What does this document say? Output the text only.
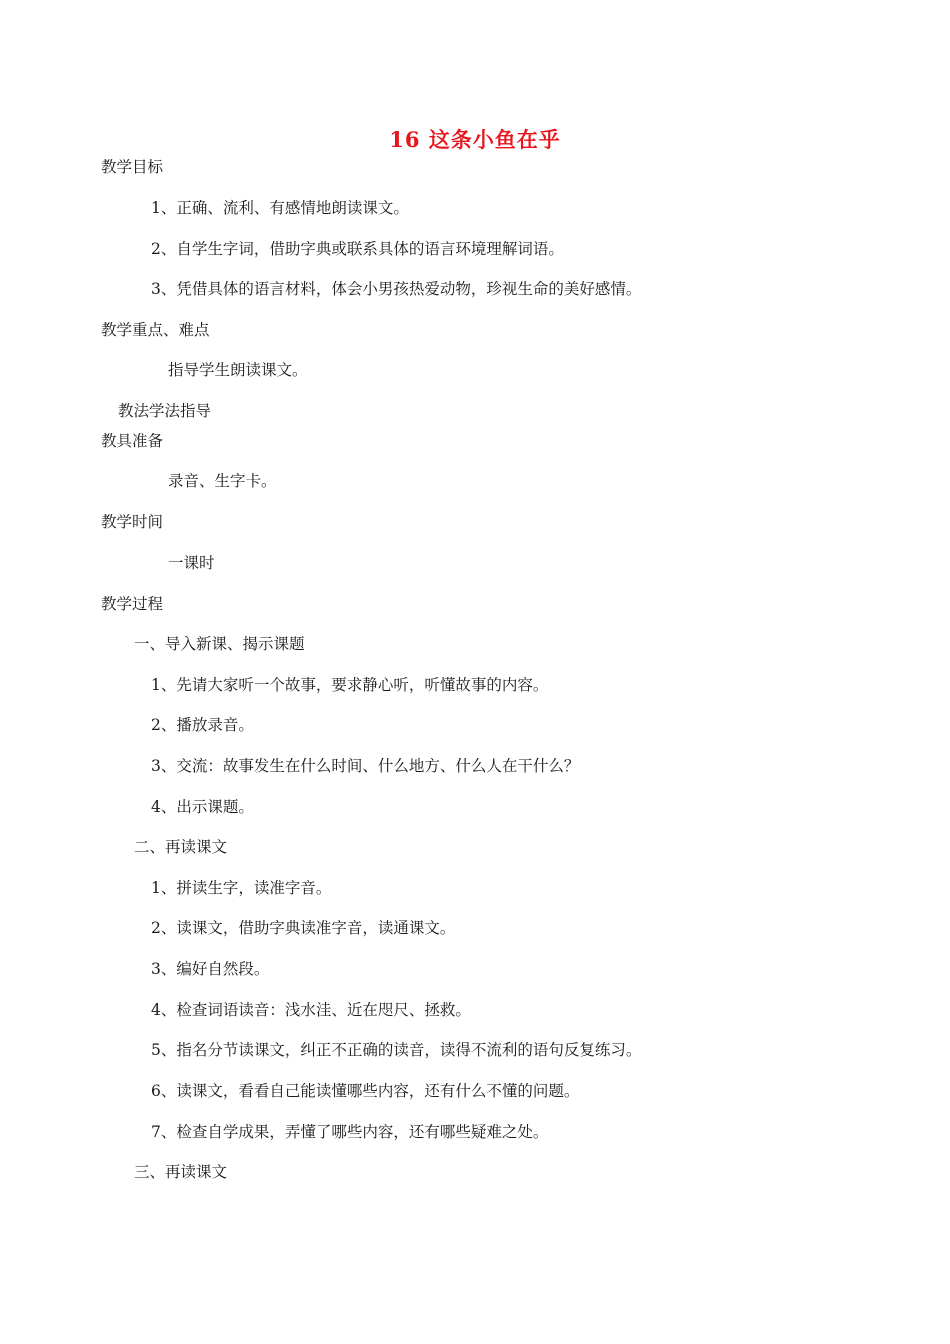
16 这条小鱼在乎
教学目标
1、正确、流利、有感情地朗读课文。
2、自学生字词，借助字典或联系具体的语言环境理解词语。
3、凭借具体的语言材料，体会小男孩热爱动物，珍视生命的美好感情。
教学重点、难点
指导学生朗读课文。
教法学法指导
教具准备
录音、生字卡。
教学时间
一课时
教学过程
一、导入新课、揭示课题
1、先请大家听一个故事，要求静心听，听懂故事的内容。
2、播放录音。
3、交流：故事发生在什么时间、什么地方、什么人在干什么？
4、出示课题。
二、再读课文
1、拼读生字，读准字音。
2、读课文，借助字典读准字音，读通课文。
3、编好自然段。
4、检查词语读音：浅水洼、近在咫尺、拯救。
5、指名分节读课文，纠正不正确的读音，读得不流利的语句反复练习。
6、读课文，看看自己能读懂哪些内容，还有什么不懂的问题。
7、检查自学成果，弄懂了哪些内容，还有哪些疑难之处。
三、再读课文
